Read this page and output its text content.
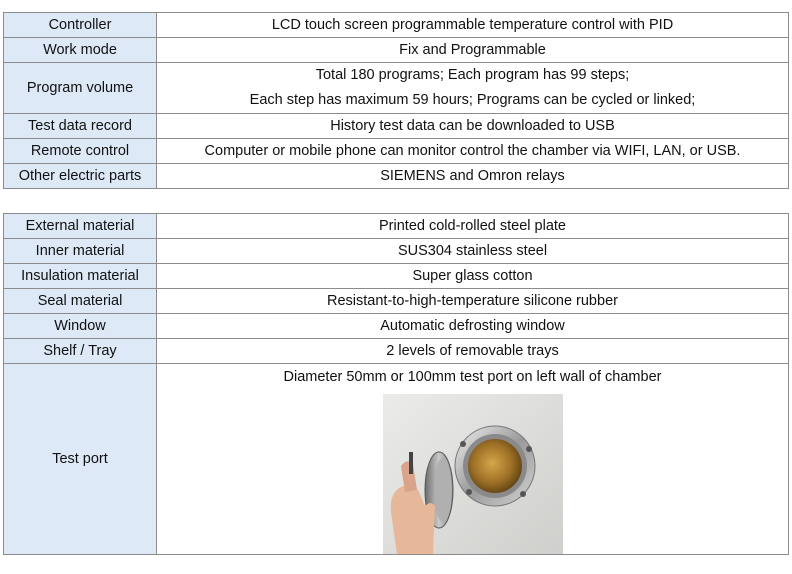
Controller	LCD touch screen programmable temperature control with PID
Work mode	Fix and Programmable
Program volume	Total 180 programs; Each program has 99 steps;
Each step has maximum 59 hours; Programs can be cycled or linked;

Test data record	History test data can be downloaded to USB
Remote control	Computer or mobile phone can monitor control the chamber via WIFI, LAN, or USB.
Other electric parts	SIEMENS and Omron relays
External material	Printed cold-rolled steel plate
Inner material	SUS304 stainless steel
Insulation material	Super glass cotton
Seal material	Resistant-to-high-temperature silicone rubber
Window	Automatic defrosting window
Shelf / Tray	2 levels of removable trays
Test port	Diameter 50mm or 100mm test port on left wall of chamber
